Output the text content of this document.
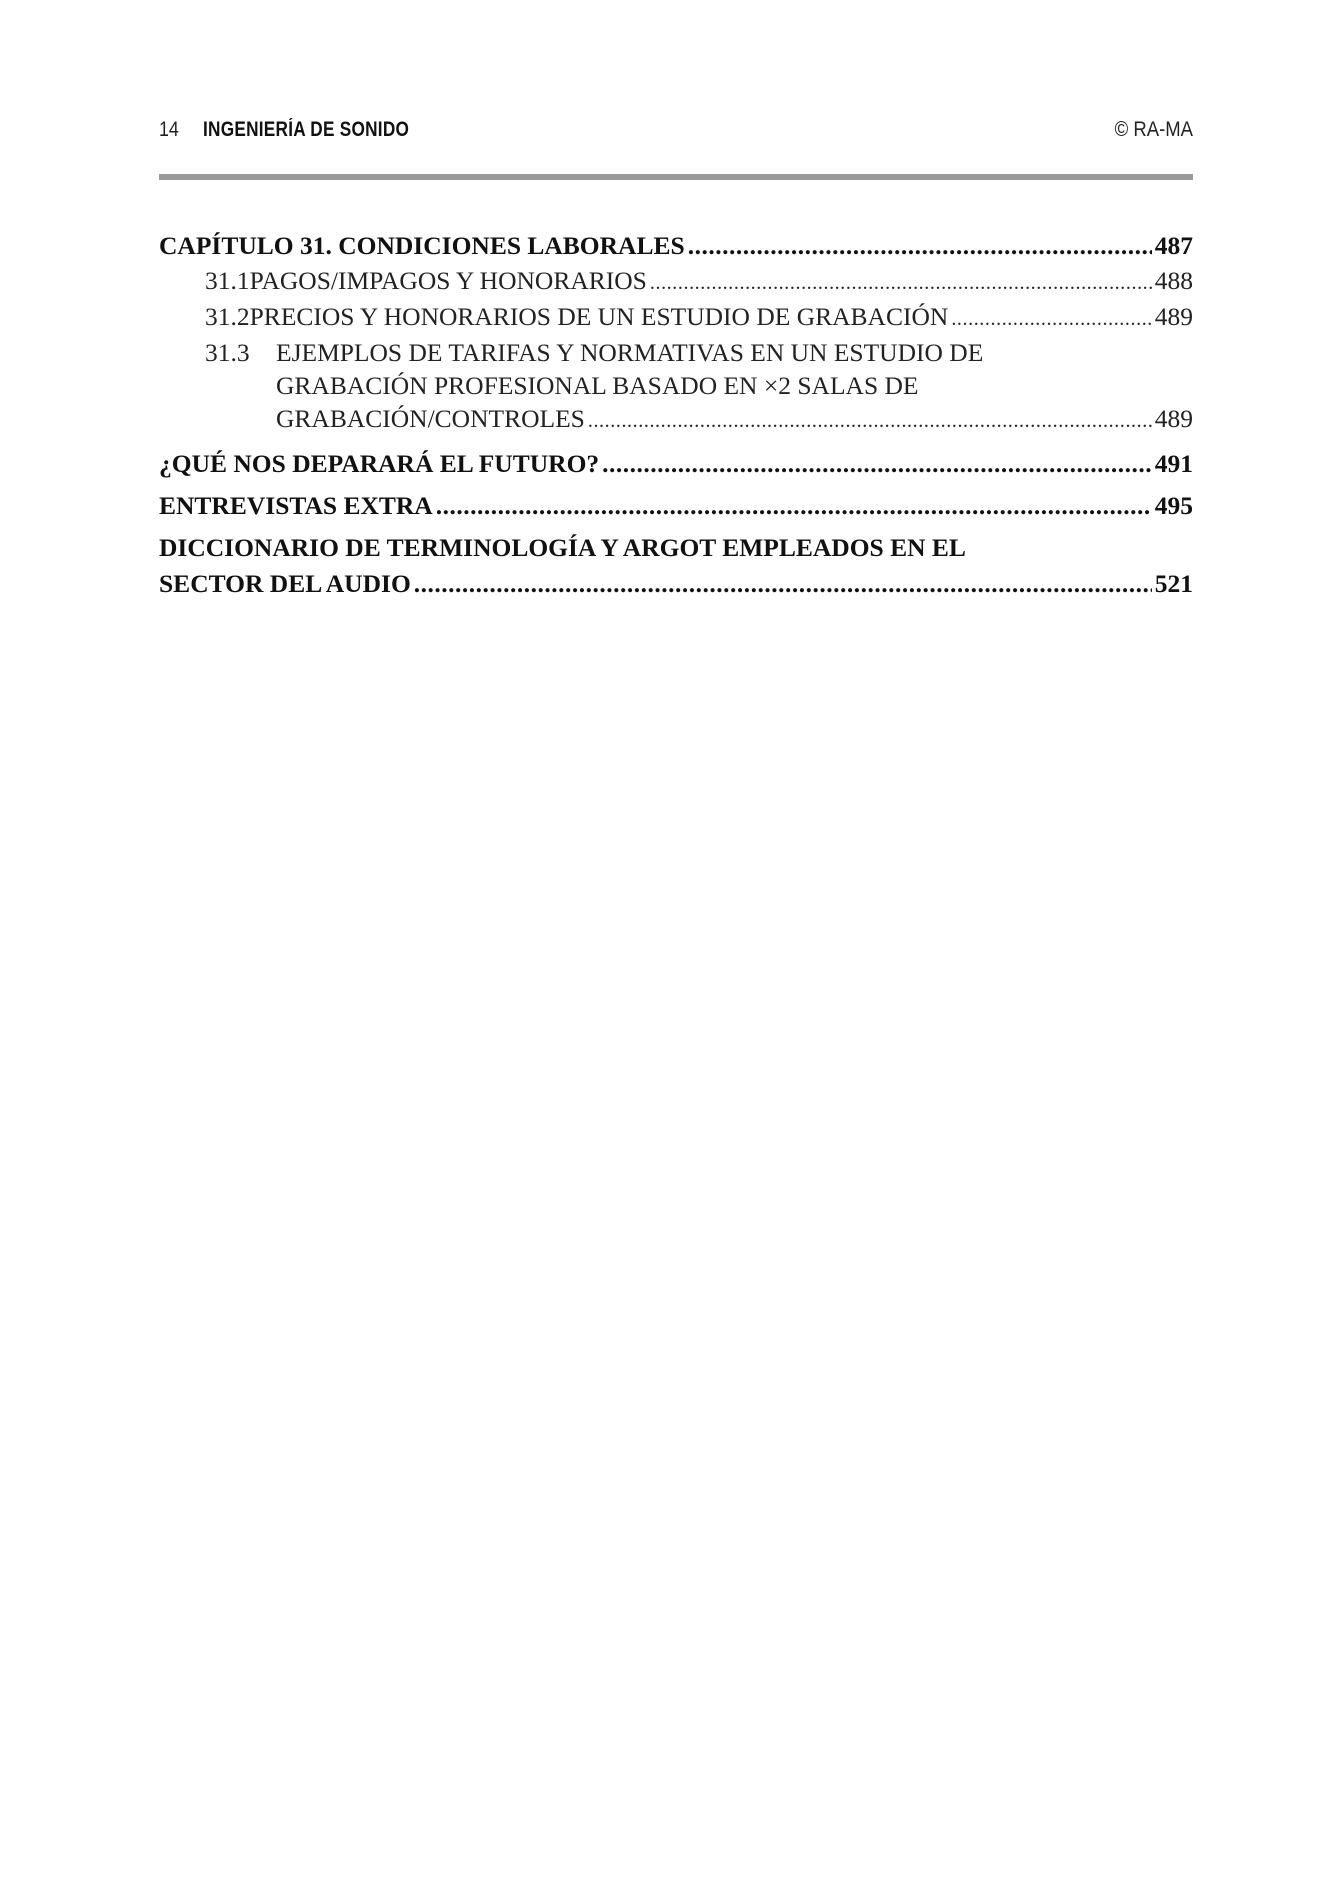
14 INGENIERÍA DE SONIDO	© RA-MA
CAPÍTULO 31. CONDICIONES LABORALES .....	487
31.1 PAGOS/IMPAGOS Y HONORARIOS .....	488
31.2 PRECIOS Y HONORARIOS DE UN ESTUDIO DE GRABACIÓN .....	489
31.3	EJEMPLOS DE TARIFAS Y NORMATIVAS EN UN ESTUDIO DE
GRABACIÓN PROFESIONAL BASADO EN ×2 SALAS DE
GRABACIÓN/CONTROLES .....	489
¿QUÉ NOS DEPARARÁ EL FUTURO? .....	491
ENTREVISTAS EXTRA .....	495
DICCIONARIO DE TERMINOLOGÍA Y ARGOT EMPLEADOS EN EL
SECTOR DEL AUDIO .....	521
